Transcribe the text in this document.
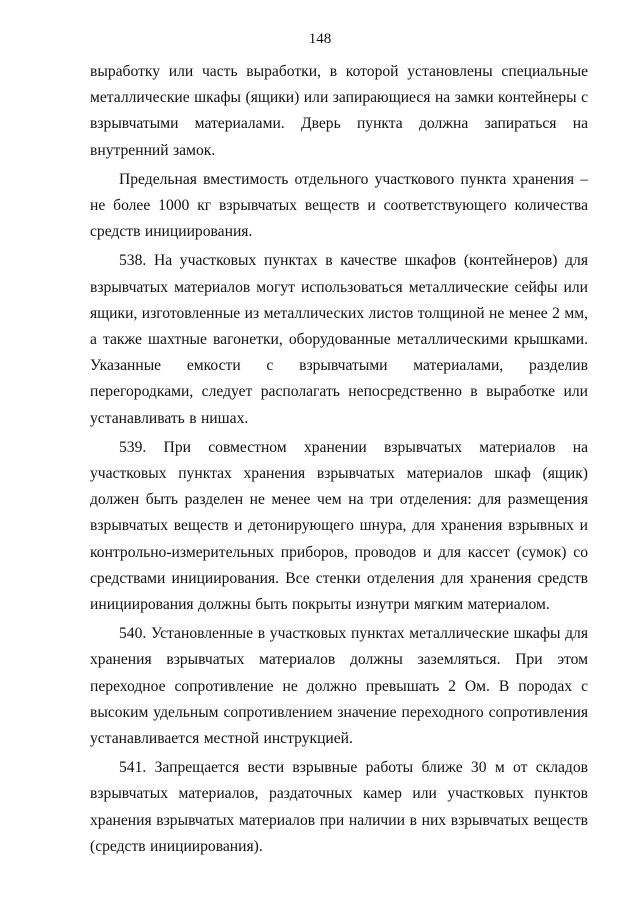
148

выработку или часть выработки, в которой установлены специальные металлические шкафы (ящики) или запирающиеся на замки контейнеры с взрывчатыми материалами. Дверь пункта должна запираться на внутренний замок.

Предельная вместимость отдельного участкового пункта хранения – не более 1000 кг взрывчатых веществ и соответствующего количества средств инициирования.

538. На участковых пунктах в качестве шкафов (контейнеров) для взрывчатых материалов могут использоваться металлические сейфы или ящики, изготовленные из металлических листов толщиной не менее 2 мм, а также шахтные вагонетки, оборудованные металлическими крышками. Указанные емкости с взрывчатыми материалами, разделив перегородками, следует располагать непосредственно в выработке или устанавливать в нишах.

539. При совместном хранении взрывчатых материалов на участковых пунктах хранения взрывчатых материалов шкаф (ящик) должен быть разделен не менее чем на три отделения: для размещения взрывчатых веществ и детонирующего шнура, для хранения взрывных и контрольно-измерительных приборов, проводов и для кассет (сумок) со средствами инициирования. Все стенки отделения для хранения средств инициирования должны быть покрыты изнутри мягким материалом.

540. Установленные в участковых пунктах металлические шкафы для хранения взрывчатых материалов должны заземляться. При этом переходное сопротивление не должно превышать 2 Ом. В породах с высоким удельным сопротивлением значение переходного сопротивления устанавливается местной инструкцией.

541. Запрещается вести взрывные работы ближе 30 м от складов взрывчатых материалов, раздаточных камер или участковых пунктов хранения взрывчатых материалов при наличии в них взрывчатых веществ (средств инициирования).
